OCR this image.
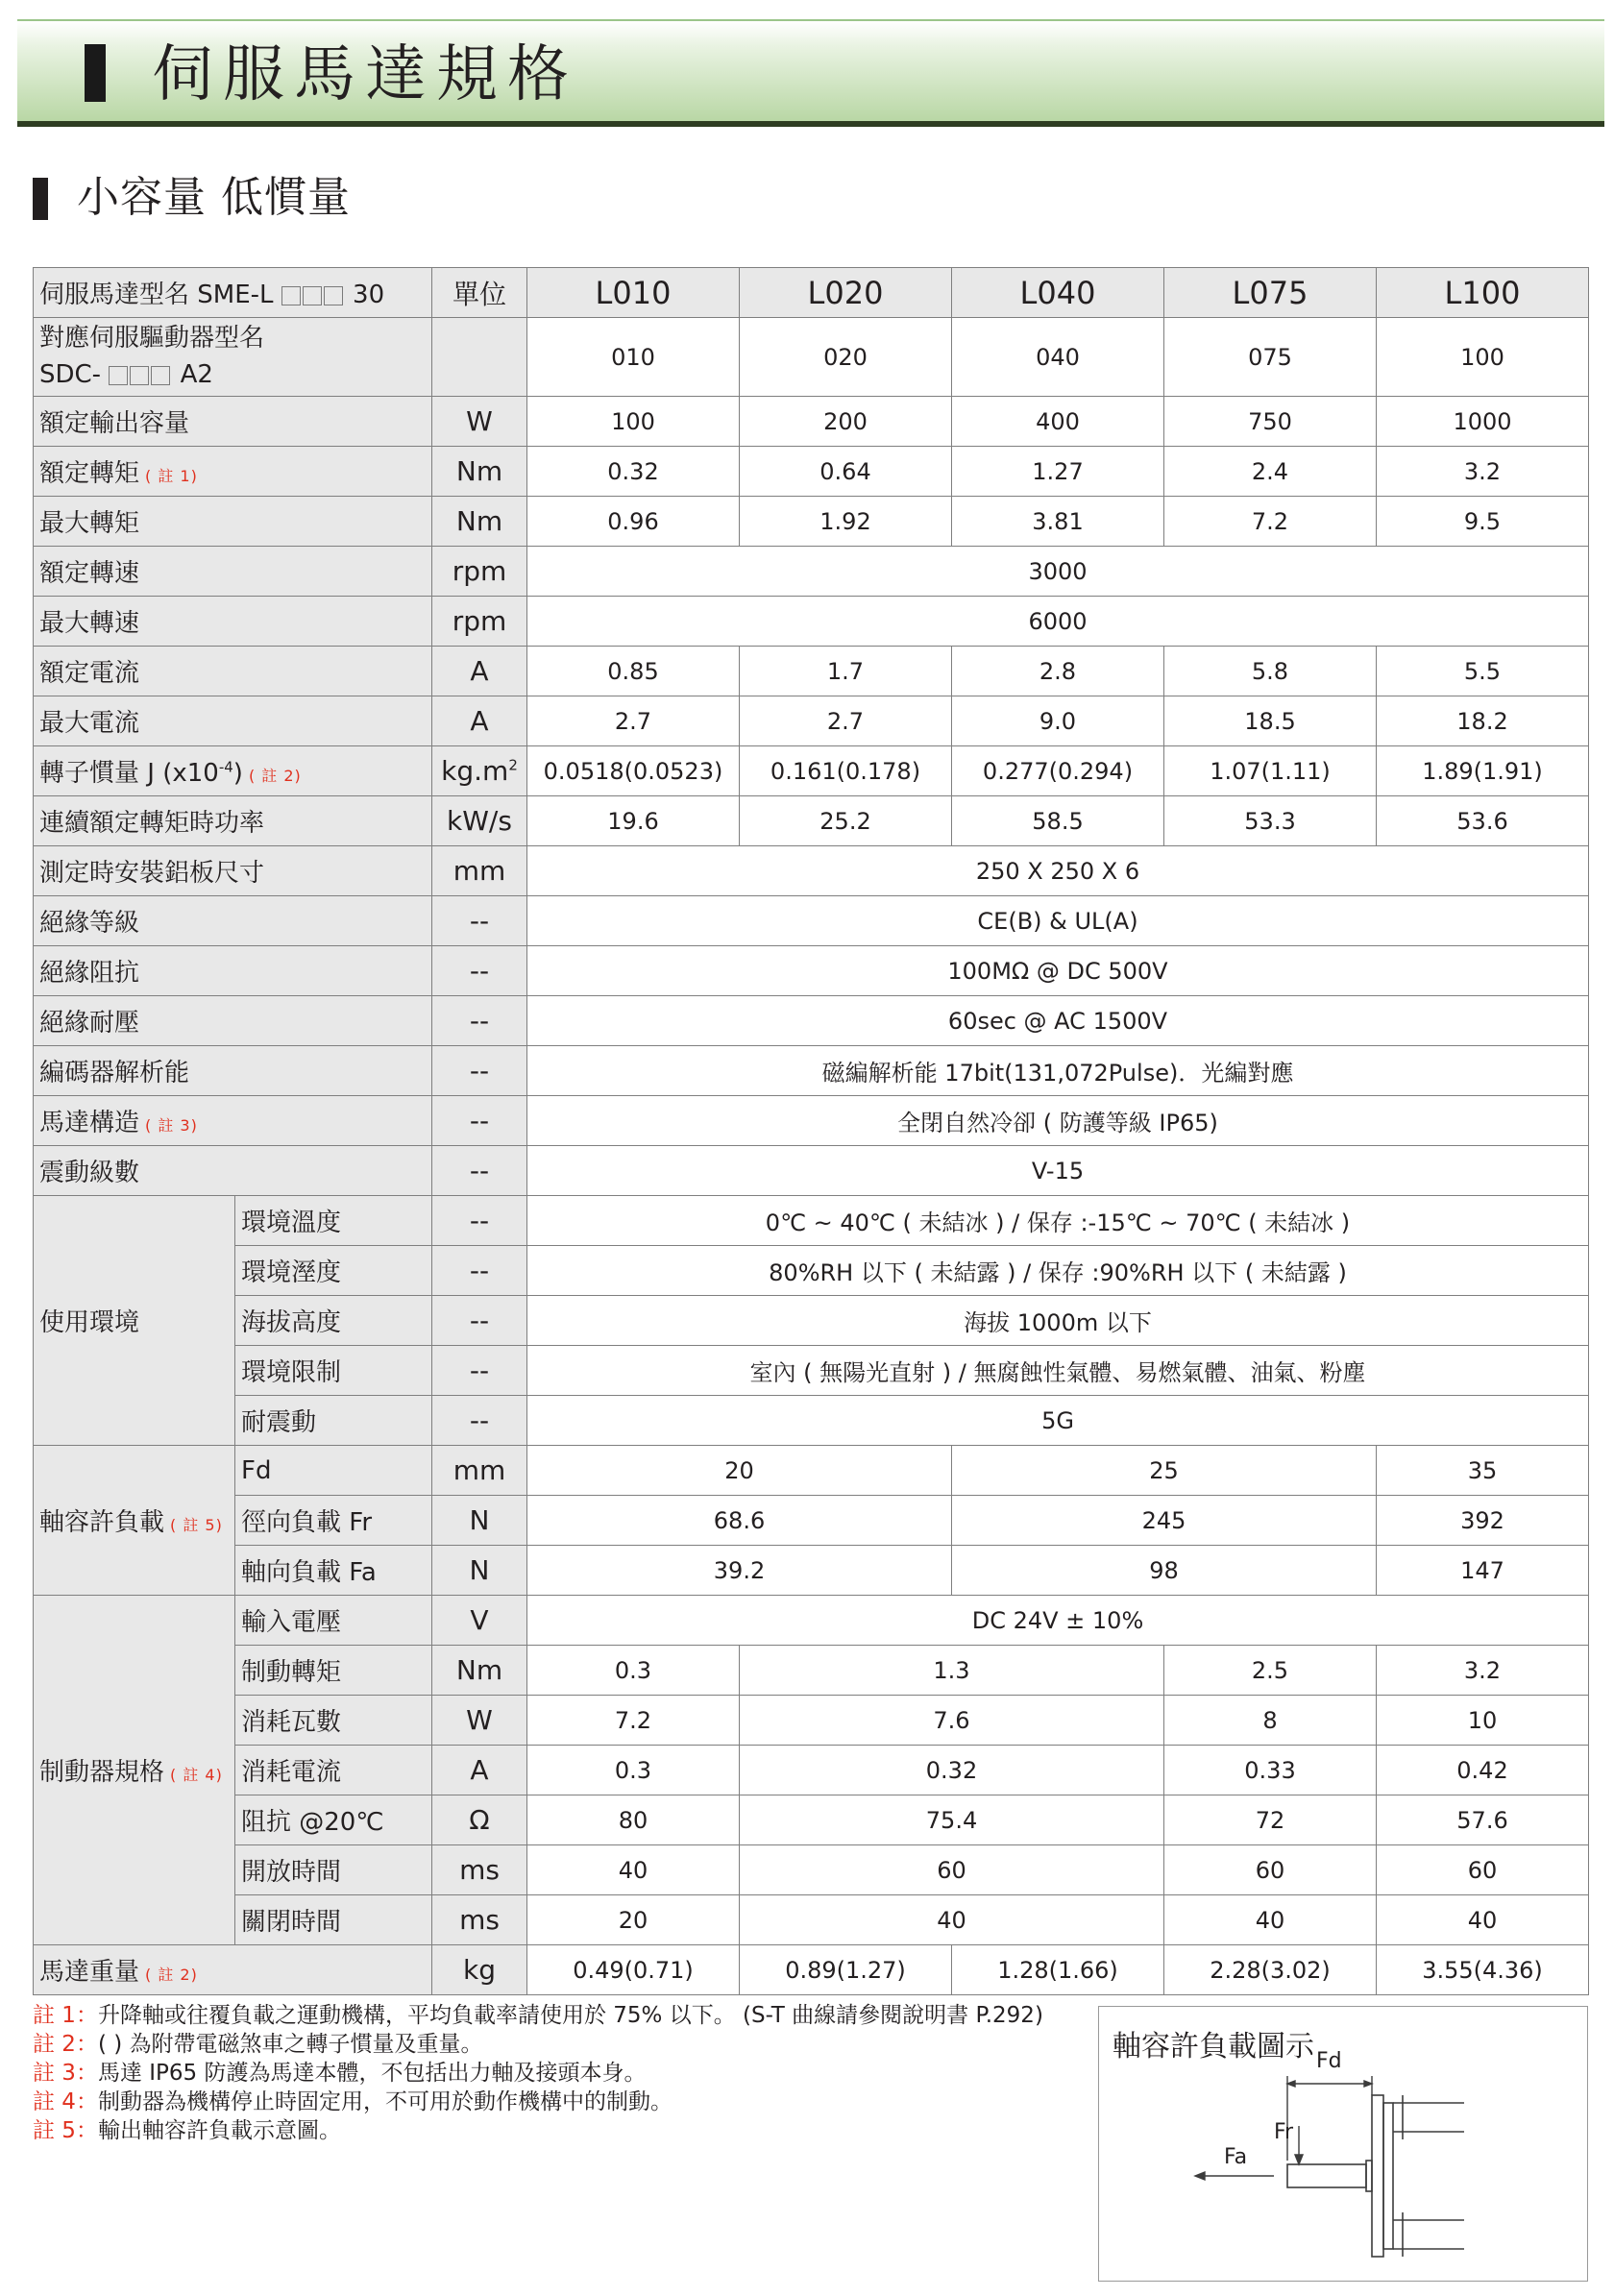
伺服馬達規格
小容量 低慣量
伺服馬達型名 SME-L 30		單位	L010	L020	L040	L075	L100

對應伺服驅動器型名
SDC- A2			010	020	040	075	100
額定輸出容量		W	100	200	400	750	1000
額定轉矩 ( 註 1)		Nm	0.32	0.64	1.27	2.4	3.2
最大轉矩		Nm	0.96	1.92	3.81	7.2	9.5
額定轉速		rpm	3000				
最大轉速		rpm	6000				
額定電流		A	0.85	1.7	2.8	5.8	5.5
最大電流		A	2.7	2.7	9.0	18.5	18.2
轉子慣量 J $(x10^{-4})$ ( 註 2)		$kg.m^2$	0.0518(0.0523)	0.161(0.178)	0.277(0.294)	1.07(1.11)	1.89(1.91)
連續額定轉矩時功率		kW/s	19.6	25.2	58.5	53.3	53.6
測定時安裝鋁板尺寸		mm	250 X 250 X 6				
絕緣等級		--	CE(B) & UL(A)				
絕緣阻抗		--	100MΩ @ DC 500V				
絕緣耐壓		--	60sec @ AC 1500V				
編碼器解析能		--	磁編解析能 17bit(131,072Pulse)．光編對應				
馬達構造 ( 註 3)		--	全閉自然冷卻 ( 防護等級 IP65)				
震動級數		--	V-15				
使用環境	環境溫度	--	0℃ ~ 40℃ ( 未結冰 ) / 保存 :-15℃ ~ 70℃ ( 未結冰 )				
	環境溼度	--	80%RH 以下 ( 未結露 ) / 保存 :90%RH 以下 ( 未結露 )				
	海拔高度	--	海拔 1000m 以下				
	環境限制	--	室內 ( 無陽光直射 ) / 無腐蝕性氣體、易燃氣體、油氣、粉塵				
	耐震動	--	5G				
軸容許負載 ( 註 5)	Fd	mm	20		25		35
	徑向負載 Fr	N	68.6		245		392
	軸向負載 Fa	N	39.2		98		147
制動器規格 ( 註 4)	輸入電壓	V	DC 24V ± 10%				
	制動轉矩	Nm	0.3	1.3		2.5	3.2
	消耗瓦數	W	7.2	7.6		8	10
	消耗電流	A	0.3	0.32		0.33	0.42
	阻抗 @20℃	Ω	80	75.4		72	57.6
	開放時間	ms	40	60		60	60
	關閉時間	ms	20	40		40	40
馬達重量 ( 註 2)		kg	0.49(0.71)	0.89(1.27)	1.28(1.66)	2.28(3.02)	3.55(4.36)
註 1：升降軸或往覆負載之運動機構，平均負載率請使用於 75% 以下。 (S-T 曲線請參閱說明書 P.292)
註 2：( ) 為附帶電磁煞車之轉子慣量及重量。
註 3：馬達 IP65 防護為馬達本體，不包括出力軸及接頭本身。
註 4：制動器為機構停止時固定用，不可用於動作機構中的制動。
註 5：輸出軸容許負載示意圖。
軸容許負載圖示 Fd
Fr
Fa
